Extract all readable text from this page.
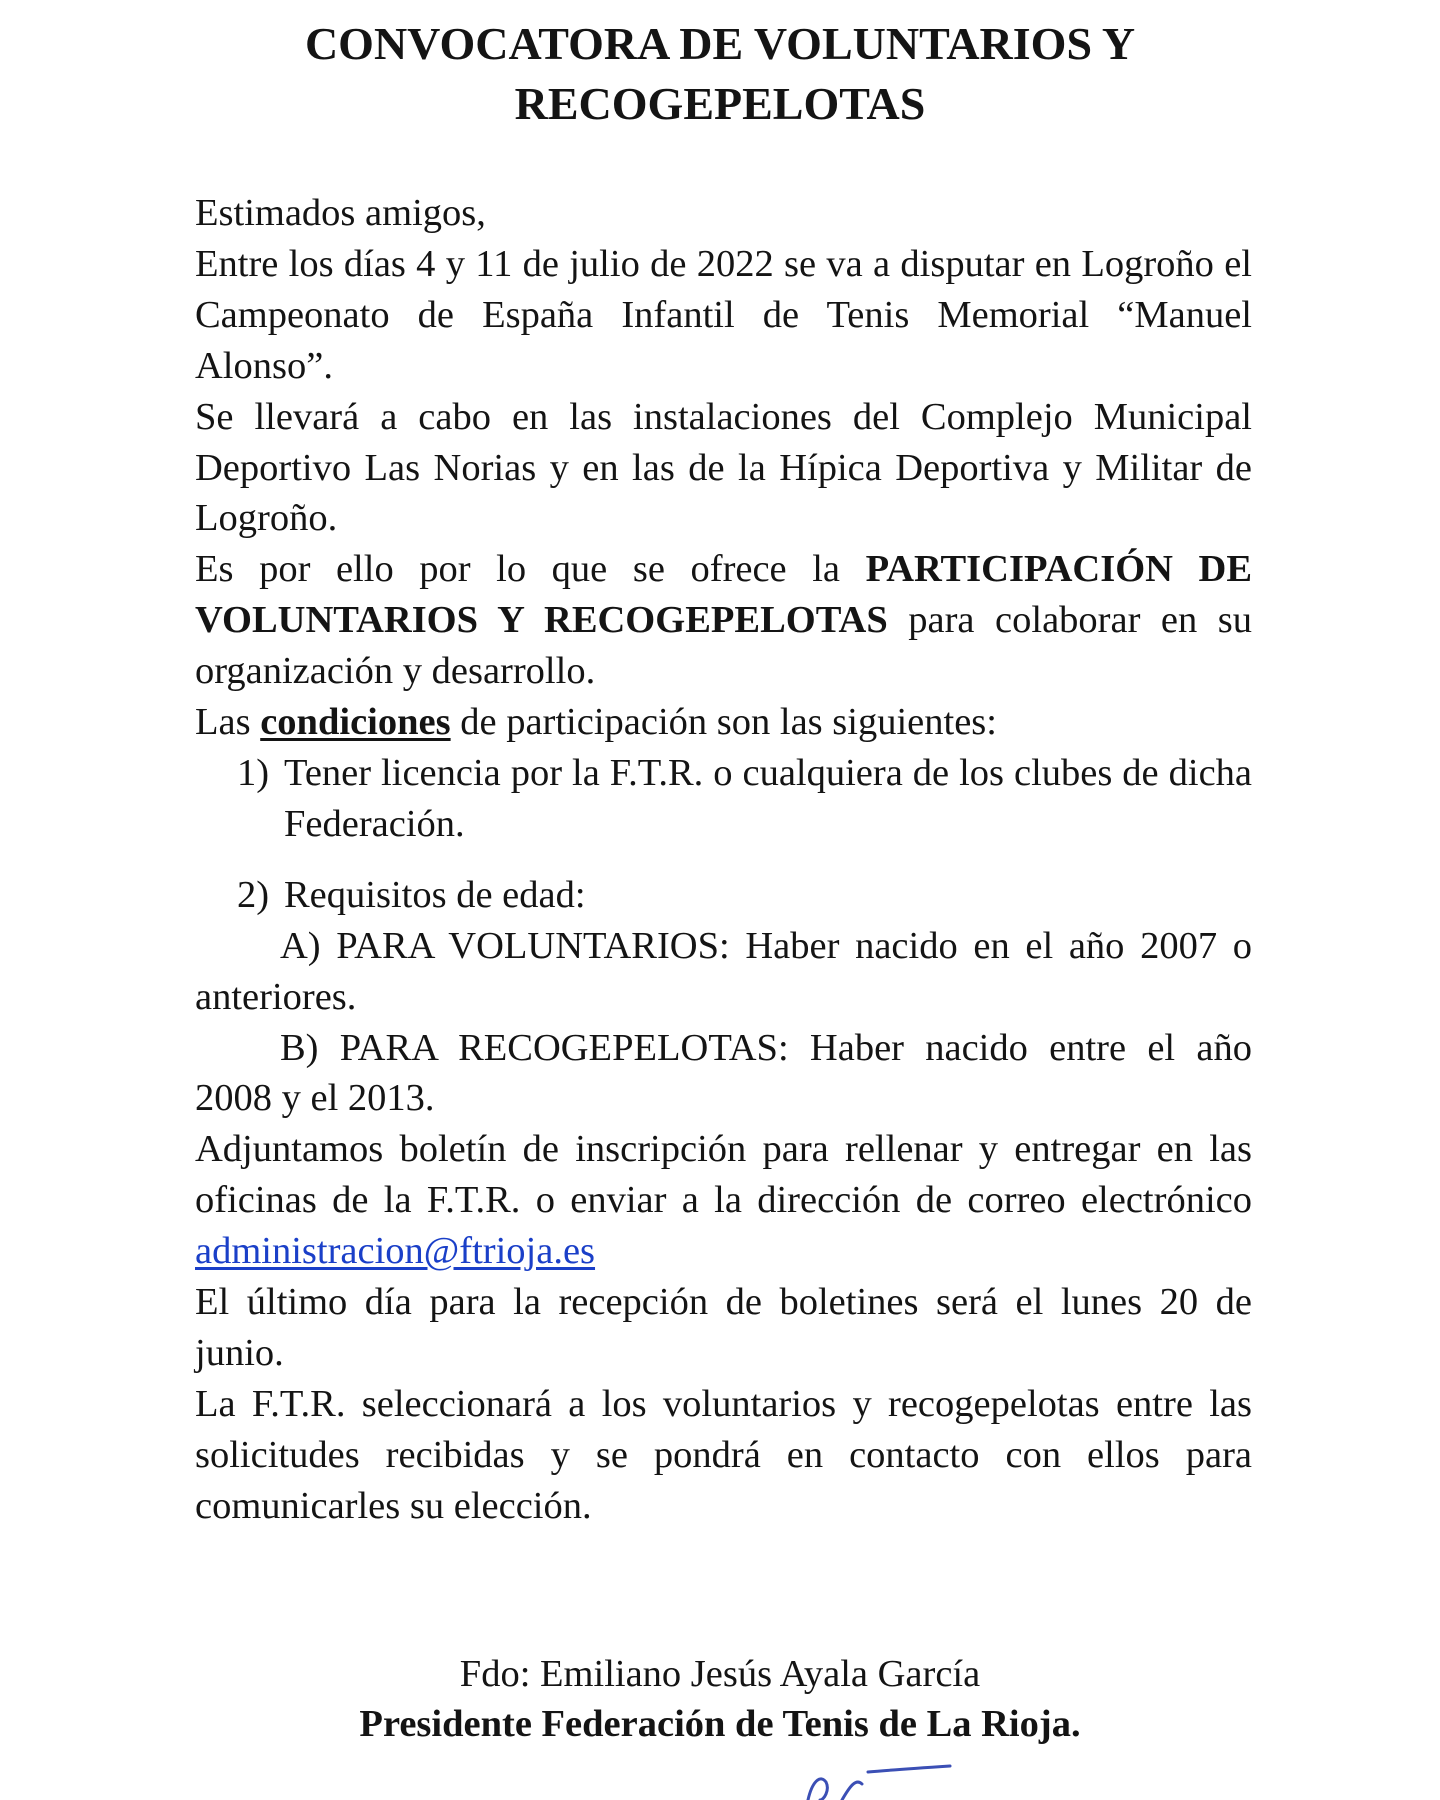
CONVOCATORA DE VOLUNTARIOS Y
RECOGEPELOTAS

Estimados amigos,

Entre los días 4 y 11 de julio de 2022 se va a disputar en Logroño el Campeonato de España Infantil de Tenis Memorial “Manuel Alonso”.

Se llevará a cabo en las instalaciones del Complejo Municipal Deportivo Las Norias y en las de la Hípica Deportiva y Militar de Logroño.

Es por ello por lo que se ofrece la PARTICIPACIÓN DE VOLUNTARIOS Y RECOGEPELOTAS para colaborar en su organización y desarrollo.

Las condiciones de participación son las siguientes:

1) Tener licencia por la F.T.R. o cualquiera de los clubes de dicha Federación.
2) Requisitos de edad:

A) PARA VOLUNTARIOS: Haber nacido en el año 2007 o anteriores.

B) PARA RECOGEPELOTAS: Haber nacido entre el año 2008 y el 2013.

Adjuntamos boletín de inscripción para rellenar y entregar en las oficinas de la F.T.R. o enviar a la dirección de correo electrónico administracion@ftrioja.es

El último día para la recepción de boletines será el lunes 20 de junio.

La F.T.R. seleccionará a los voluntarios y recogepelotas entre las solicitudes recibidas y se pondrá en contacto con ellos para comunicarles su elección.

Fdo: Emiliano Jesús Ayala García
Presidente Federación de Tenis de La Rioja.
